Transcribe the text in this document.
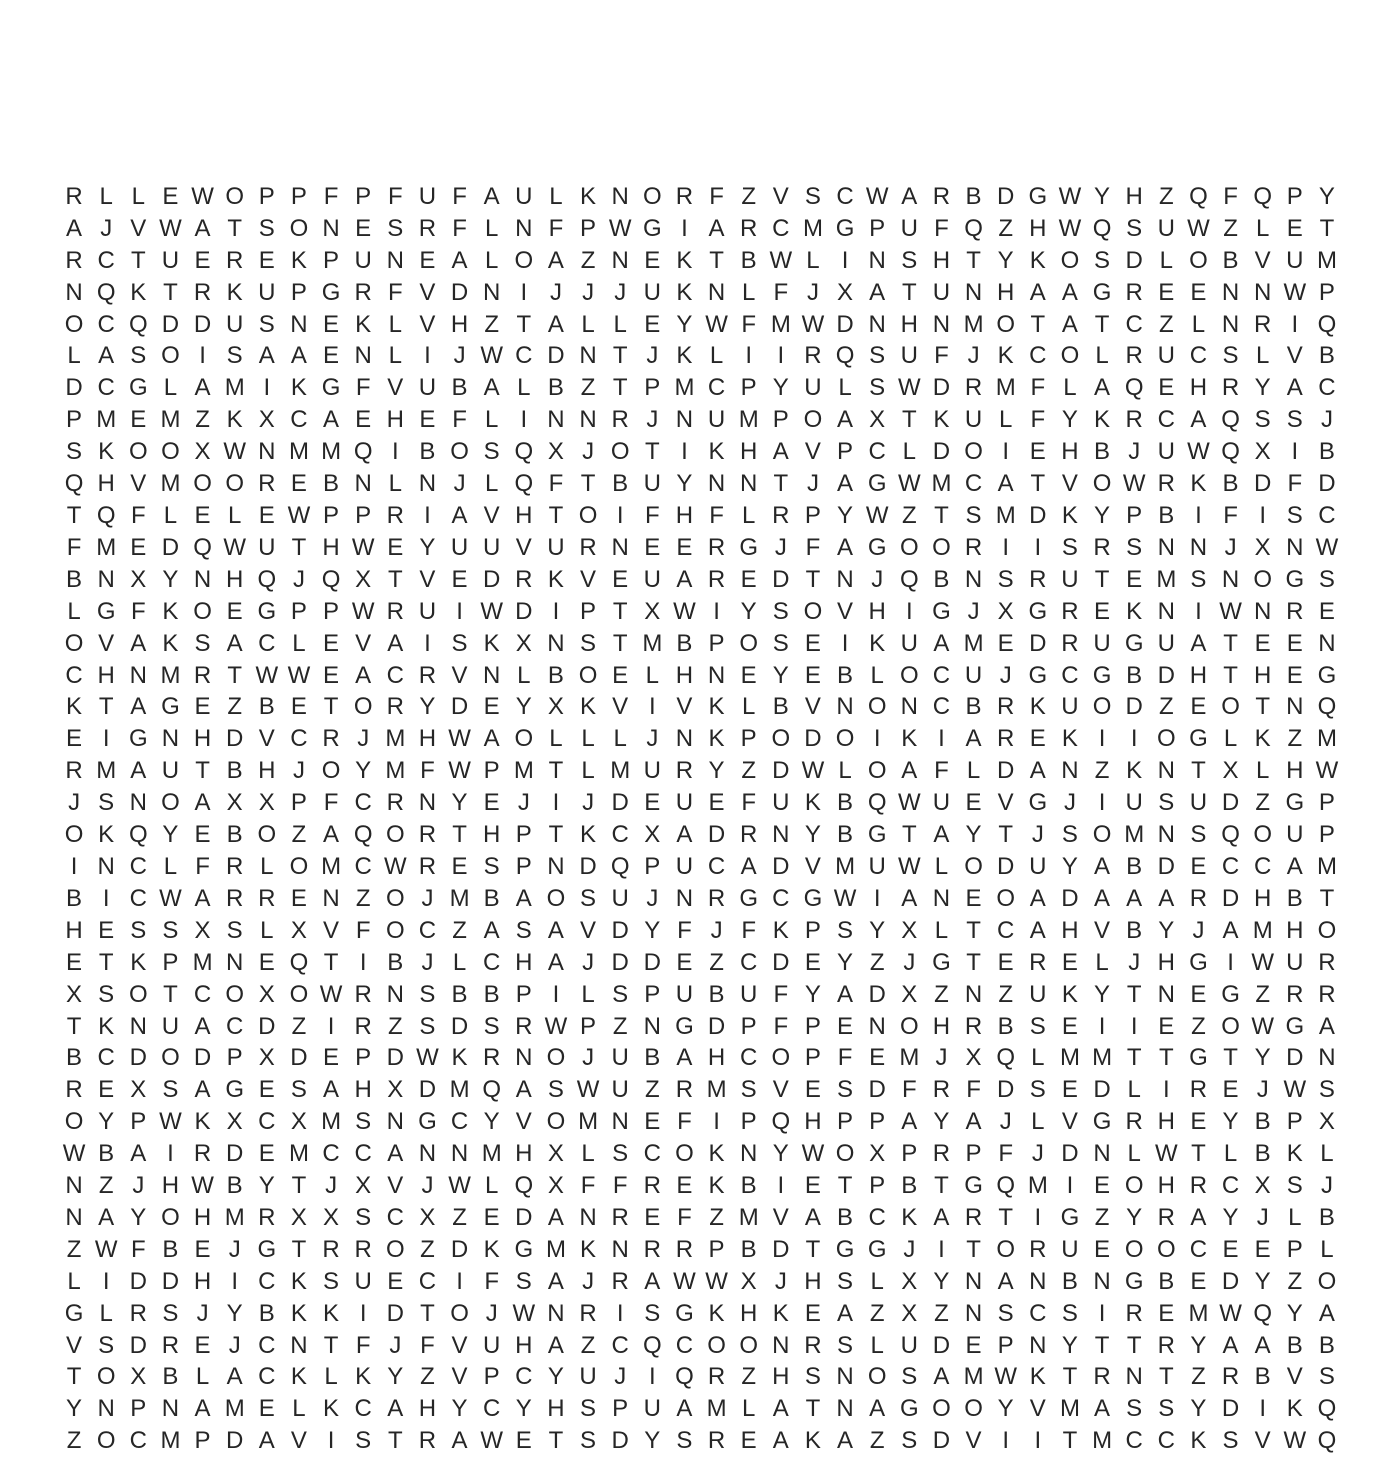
R L L E W O P P F P F U F A U L K N O R F Z V S C W A R B D G W Y H Z Q F Q P Y
A J V W A T S O N E S R F L N F P W G I A R C M G P U F Q Z H W Q S U W Z L E T
R C T U E R E K P U N E A L O A Z N E K T B W L I N S H T Y K O S D L O B V U M
N Q K T R K U P G R F V D N I J J J U K N L F J X A T U N H A A G R E E N N W P
O C Q D D U S N E K L V H Z T A L L E Y W F M W D N H N M O T A T C Z L N R I Q
L A S O I S A A E N L I J W C D N T J K L I	I R Q S U F J K C O L R U C S L V B
D C G L A M I K G F V U B A L B Z T P M C P Y U L S W D R M F L A Q E H R Y A C
P M E M Z K X C A E H E F L I N N R J N U M P O A X T K U L F Y K R C A Q S S J
S K O O X W N M M Q I B O S Q X J O T I K H A V P C L D O I E H B J U W Q X I B
Q H V M O O R E B N L N J L Q F T B U Y N N T J A G W M C A T V O W R K B D F D
T Q F L E L E W P P R I A V H T O I F H F L R P Y W Z T S M D K Y P B I F I S C
F M E D Q W U T H W E Y U U V U R N E E R G J F A G O O R I	I S R S N N J X N W
B N X Y N H Q J Q X T V E D R K V E U A R E D T N J Q B N S R U T E M S N O G S
L G F K O E G P P W R U I W D I P T X W I Y S O V H I G J X G R E K N I W N R E
O V A K S A C L E V A I S K X N S T M B P O S E I K U A M E D R U G U A T E E N
C H N M R T W W E A C R V N L B O E L H N E Y E B L O C U J G C G B D H T H E G
K T A G E Z B E T O R Y D E Y X K V I V K L B V N O N C B R K U O D Z E O T N Q
E I G N H D V C R J M H W A O L L L J N K P O D O I K I A R E K I	I O G L K Z M
R M A U T B H J O Y M F W P M T L M U R Y Z D W L O A F L D A N Z K N T X L H W
J S N O A X X P F C R N Y E J I J D E U E F U K B Q W U E V G J I U S U D Z G P
O K Q Y E B O Z A Q O R T H P T K C X A D R N Y B G T A Y T J S O M N S Q O U P
I N C L F R L O M C W R E S P N D Q P U C A D V M U W L O D U Y A B D E C C A M
B I C W A R R E N Z O J M B A O S U J N R G C G W I A N E O A D A A A R D H B T
H E S S X S L X V F O C Z A S A V D Y F J F K P S Y X L T C A H V B Y J A M H O
E T K P M N E Q T I B J L C H A J D D E Z C D E Y Z J G T E R E L J H G I W U R
X S O T C O X O W R N S B B P I L S P U B U F Y A D X Z N Z U K Y T N E G Z R R
T K N U A C D Z I R Z S D S R W P Z N G D P F P E N O H R B S E I	I E Z O W G A
B C D O D P X D E P D W K R N O J U B A H C O P F E M J X Q L M M T T G T Y D N
R E X S A G E S A H X D M Q A S W U Z R M S V E S D F R F D S E D L I R E J W S
O Y P W K X C X M S N G C Y V O M N E F I P Q H P P A Y A J L V G R H E Y B P X
W B A I R D E M C C A N N M H X L S C O K N Y W O X P R P F J D N L W T L B K L
N Z J H W B Y T J X V J W L Q X F F R E K B I E T P B T G Q M I E O H R C X S J
N A Y O H M R X X S C X Z E D A N R E F Z M V A B C K A R T I G Z Y R A Y J L B
Z W F B E J G T R R O Z D K G M K N R R P B D T G G J I T O R U E O O C E E P L
L I D D H I C K S U E C I F S A J R A W W X J H S L X Y N A N B N G B E D Y Z O
G L R S J Y B K K I D T O J W N R I S G K H K E A Z X Z N S C S I R E M W Q Y A
V S D R E J C N T F J F V U H A Z C Q C O O N R S L U D E P N Y T T R Y A A B B
T O X B L A C K L K Y Z V P C Y U J I Q R Z H S N O S A M W K T R N T Z R B V S
Y N P N A M E L K C A H Y C Y H S P U A M L A T N A G O O Y V M A S S Y D I K Q
Z O C M P D A V I S T R A W E T S D Y S R E A K A Z S D V I	I T M C C K S V W Q
